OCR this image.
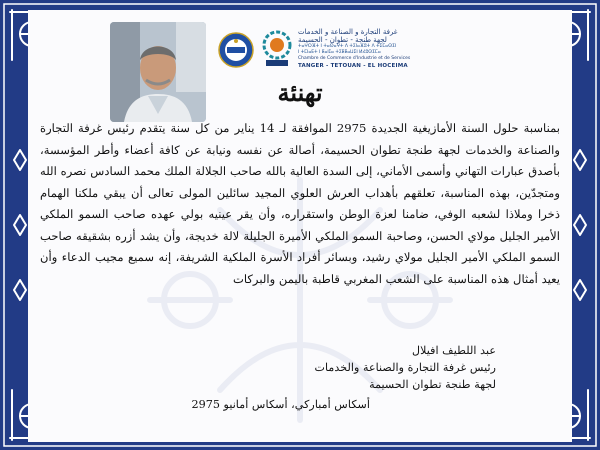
غرفة التجارة و الصناعة و الخدمات
لجهة طنجة - تطوان - الحسيمة
ⵜⴰⵖⵔⴼⵜ ⵏ ⵜⴰⵙⴰⵖⵜ ⴷ ⵜⵉⵏⴰⴼⵓⵜ ⴷ ⵜⵉⵎⴰⵙⵉⵏ
ⵏ ⵜⵎⵏⴰⴹⵜ ⵏ ⵟⴰⵏⵊⴰ ⵜⵉⵟⵟⴰⵡⵉⵏ ⵍⵃⵓⵙⵉⵎⴰ
Chambre de Commerce d'Industrie et de Services
TANGER - TETOUAN - EL HOCEIMA
تهنئة

بمناسبة حلول السنة الأمازيغية الجديدة 2975 الموافقة لـ 14 يناير من كل سنة يتقدم رئيس غرفة التجارة والصناعة والخدمات لجهة طنجة تطوان الحسيمة، أصالة عن نفسه ونيابة عن كافة أعضاء وأطر المؤسسة، بأصدق عبارات التهاني وأسمى الأماني، إلى السدة العالية بالله صاحب الجلالة الملك محمد السادس نصره الله ومتجدّين، بهذه المناسبة، تعلقهم بأهداب العرش العلوي المجيد سائلين المولى تعالى أن يبقي ملكنا الهمام ذخرا وملاذا لشعبه الوفي، ضامنا لعزة الوطن واستقراره، وأن يقر عينيه بولي عهده صاحب السمو الملكي الأمير الجليل مولاي الحسن، وصاحبة السمو الملكي الأميرة الجليلة لالة خديجة، وأن يشد أزره بشقيقه صاحب السمو الملكي الأمير الجليل مولاي رشيد، وبسائر أفراد الأسرة الملكية الشريفة، إنه سميع مجيب الدعاء وأن يعيد أمثال هذه المناسبة على الشعب المغربي قاطبة باليمن والبركات

عبد اللطيف افيلال
رئيس غرفة التجارة والصناعة والخدمات
لجهة طنجة تطوان الحسيمة
أسكاس أمباركي، أسكاس أمانيو 2975
